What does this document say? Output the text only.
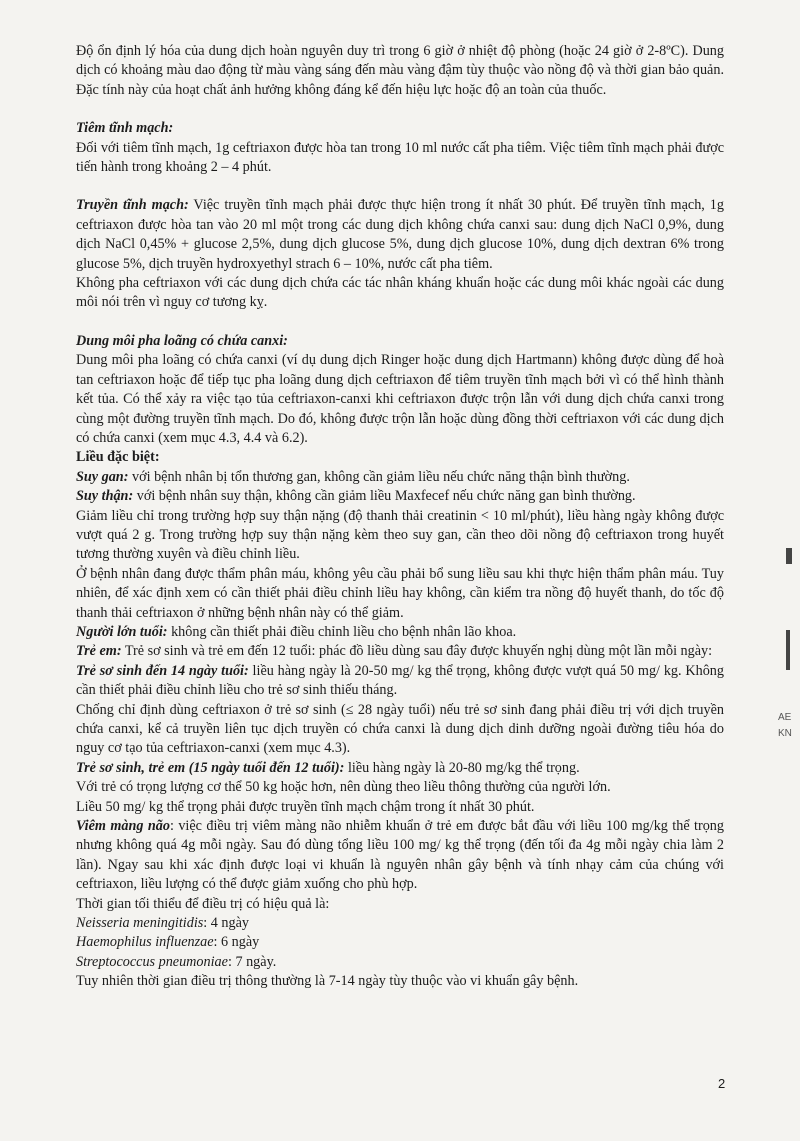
Độ ổn định lý hóa của dung dịch hoàn nguyên duy trì trong 6 giờ ở nhiệt độ phòng (hoặc 24 giờ ở 2-8ºC). Dung dịch có khoảng màu dao động từ màu vàng sáng đến màu vàng đậm tùy thuộc vào nồng độ và thời gian bảo quản. Đặc tính này của hoạt chất ảnh hưởng không đáng kể đến hiệu lực hoặc độ an toàn của thuốc.

Tiêm tĩnh mạch:
Đối với tiêm tĩnh mạch, 1g ceftriaxon được hòa tan trong 10 ml nước cất pha tiêm. Việc tiêm tĩnh mạch phải được tiến hành trong khoảng 2 – 4 phút.

Truyền tĩnh mạch: Việc truyền tĩnh mạch phải được thực hiện trong ít nhất 30 phút. Để truyền tĩnh mạch, 1g ceftriaxon được hòa tan vào 20 ml một trong các dung dịch không chứa canxi sau: dung dịch NaCl 0,9%, dung dịch NaCl 0,45% + glucose 2,5%, dung dịch glucose 5%, dung dịch glucose 10%, dung dịch dextran 6% trong glucose 5%, dịch truyền hydroxyethyl strach 6 – 10%, nước cất pha tiêm.

Không pha ceftriaxon với các dung dịch chứa các tác nhân kháng khuẩn hoặc các dung môi khác ngoài các dung môi nói trên vì nguy cơ tương kỵ.

Dung môi pha loãng có chứa canxi:
Dung môi pha loãng có chứa canxi (ví dụ dung dịch Ringer hoặc dung dịch Hartmann) không được dùng để hoà tan ceftriaxon hoặc để tiếp tục pha loãng dung dịch ceftriaxon để tiêm truyền tĩnh mạch bởi vì có thể hình thành kết tủa. Có thể xảy ra việc tạo tủa ceftriaxon-canxi khi ceftriaxon được trộn lẫn với dung dịch chứa canxi trong cùng một đường truyền tĩnh mạch. Do đó, không được trộn lẫn hoặc dùng đồng thời ceftriaxon với các dung dịch có chứa canxi (xem mục 4.3, 4.4 và 6.2).

Liều đặc biệt:

Suy gan: với bệnh nhân bị tổn thương gan, không cần giảm liều nếu chức năng thận bình thường.

Suy thận: với bệnh nhân suy thận, không cần giảm liều Maxfecef nếu chức năng gan bình thường.

Giảm liều chỉ trong trường hợp suy thận nặng (độ thanh thải creatinin < 10 ml/phút), liều hàng ngày không được vượt quá 2 g. Trong trường hợp suy thận nặng kèm theo suy gan, cần theo dõi nồng độ ceftriaxon trong huyết tương thường xuyên và điều chỉnh liều.

Ở bệnh nhân đang được thẩm phân máu, không yêu cầu phải bổ sung liều sau khi thực hiện thẩm phân máu. Tuy nhiên, để xác định xem có cần thiết phải điều chỉnh liều hay không, cần kiểm tra nồng độ huyết thanh, do tốc độ thanh thải ceftriaxon ở những bệnh nhân này có thể giảm.

Người lớn tuổi: không cần thiết phải điều chỉnh liều cho bệnh nhân lão khoa.

Trẻ em: Trẻ sơ sinh và trẻ em đến 12 tuổi: phác đồ liều dùng sau đây được khuyến nghị dùng một lần mỗi ngày:

Trẻ sơ sinh đến 14 ngày tuổi: liều hàng ngày là 20-50 mg/ kg thể trọng, không được vượt quá 50 mg/ kg. Không cần thiết phải điều chỉnh liều cho trẻ sơ sinh thiếu tháng.

Chống chỉ định dùng ceftriaxon ở trẻ sơ sinh (≤ 28 ngày tuổi) nếu trẻ sơ sinh đang phải điều trị với dịch truyền chứa canxi, kể cả truyền liên tục dịch truyền có chứa canxi là dung dịch dinh dưỡng ngoài đường tiêu hóa do nguy cơ tạo tủa ceftriaxon-canxi (xem mục 4.3).

Trẻ sơ sinh, trẻ em (15 ngày tuổi đến 12 tuổi): liều hàng ngày là 20-80 mg/kg thể trọng.

Với trẻ có trọng lượng cơ thể 50 kg hoặc hơn, nên dùng theo liều thông thường của người lớn.

Liều 50 mg/ kg thể trọng phải được truyền tĩnh mạch chậm trong ít nhất 30 phút.

Viêm màng não: việc điều trị viêm màng não nhiễm khuẩn ở trẻ em được bắt đầu với liều 100 mg/kg thể trọng nhưng không quá 4g mỗi ngày. Sau đó dùng tổng liều 100 mg/ kg thể trọng (đến tối đa 4g mỗi ngày chia làm 2 lần). Ngay sau khi xác định được loại vi khuẩn là nguyên nhân gây bệnh và tính nhạy cảm của chúng với ceftriaxon, liều lượng có thể được giảm xuống cho phù hợp.

Thời gian tối thiểu để điều trị có hiệu quả là:

Neisseria meningitidis: 4 ngày

Haemophilus influenzae: 6 ngày

Streptococcus pneumoniae: 7 ngày.

Tuy nhiên thời gian điều trị thông thường là 7-14 ngày tùy thuộc vào vi khuẩn gây bệnh.

2
AE
KN
